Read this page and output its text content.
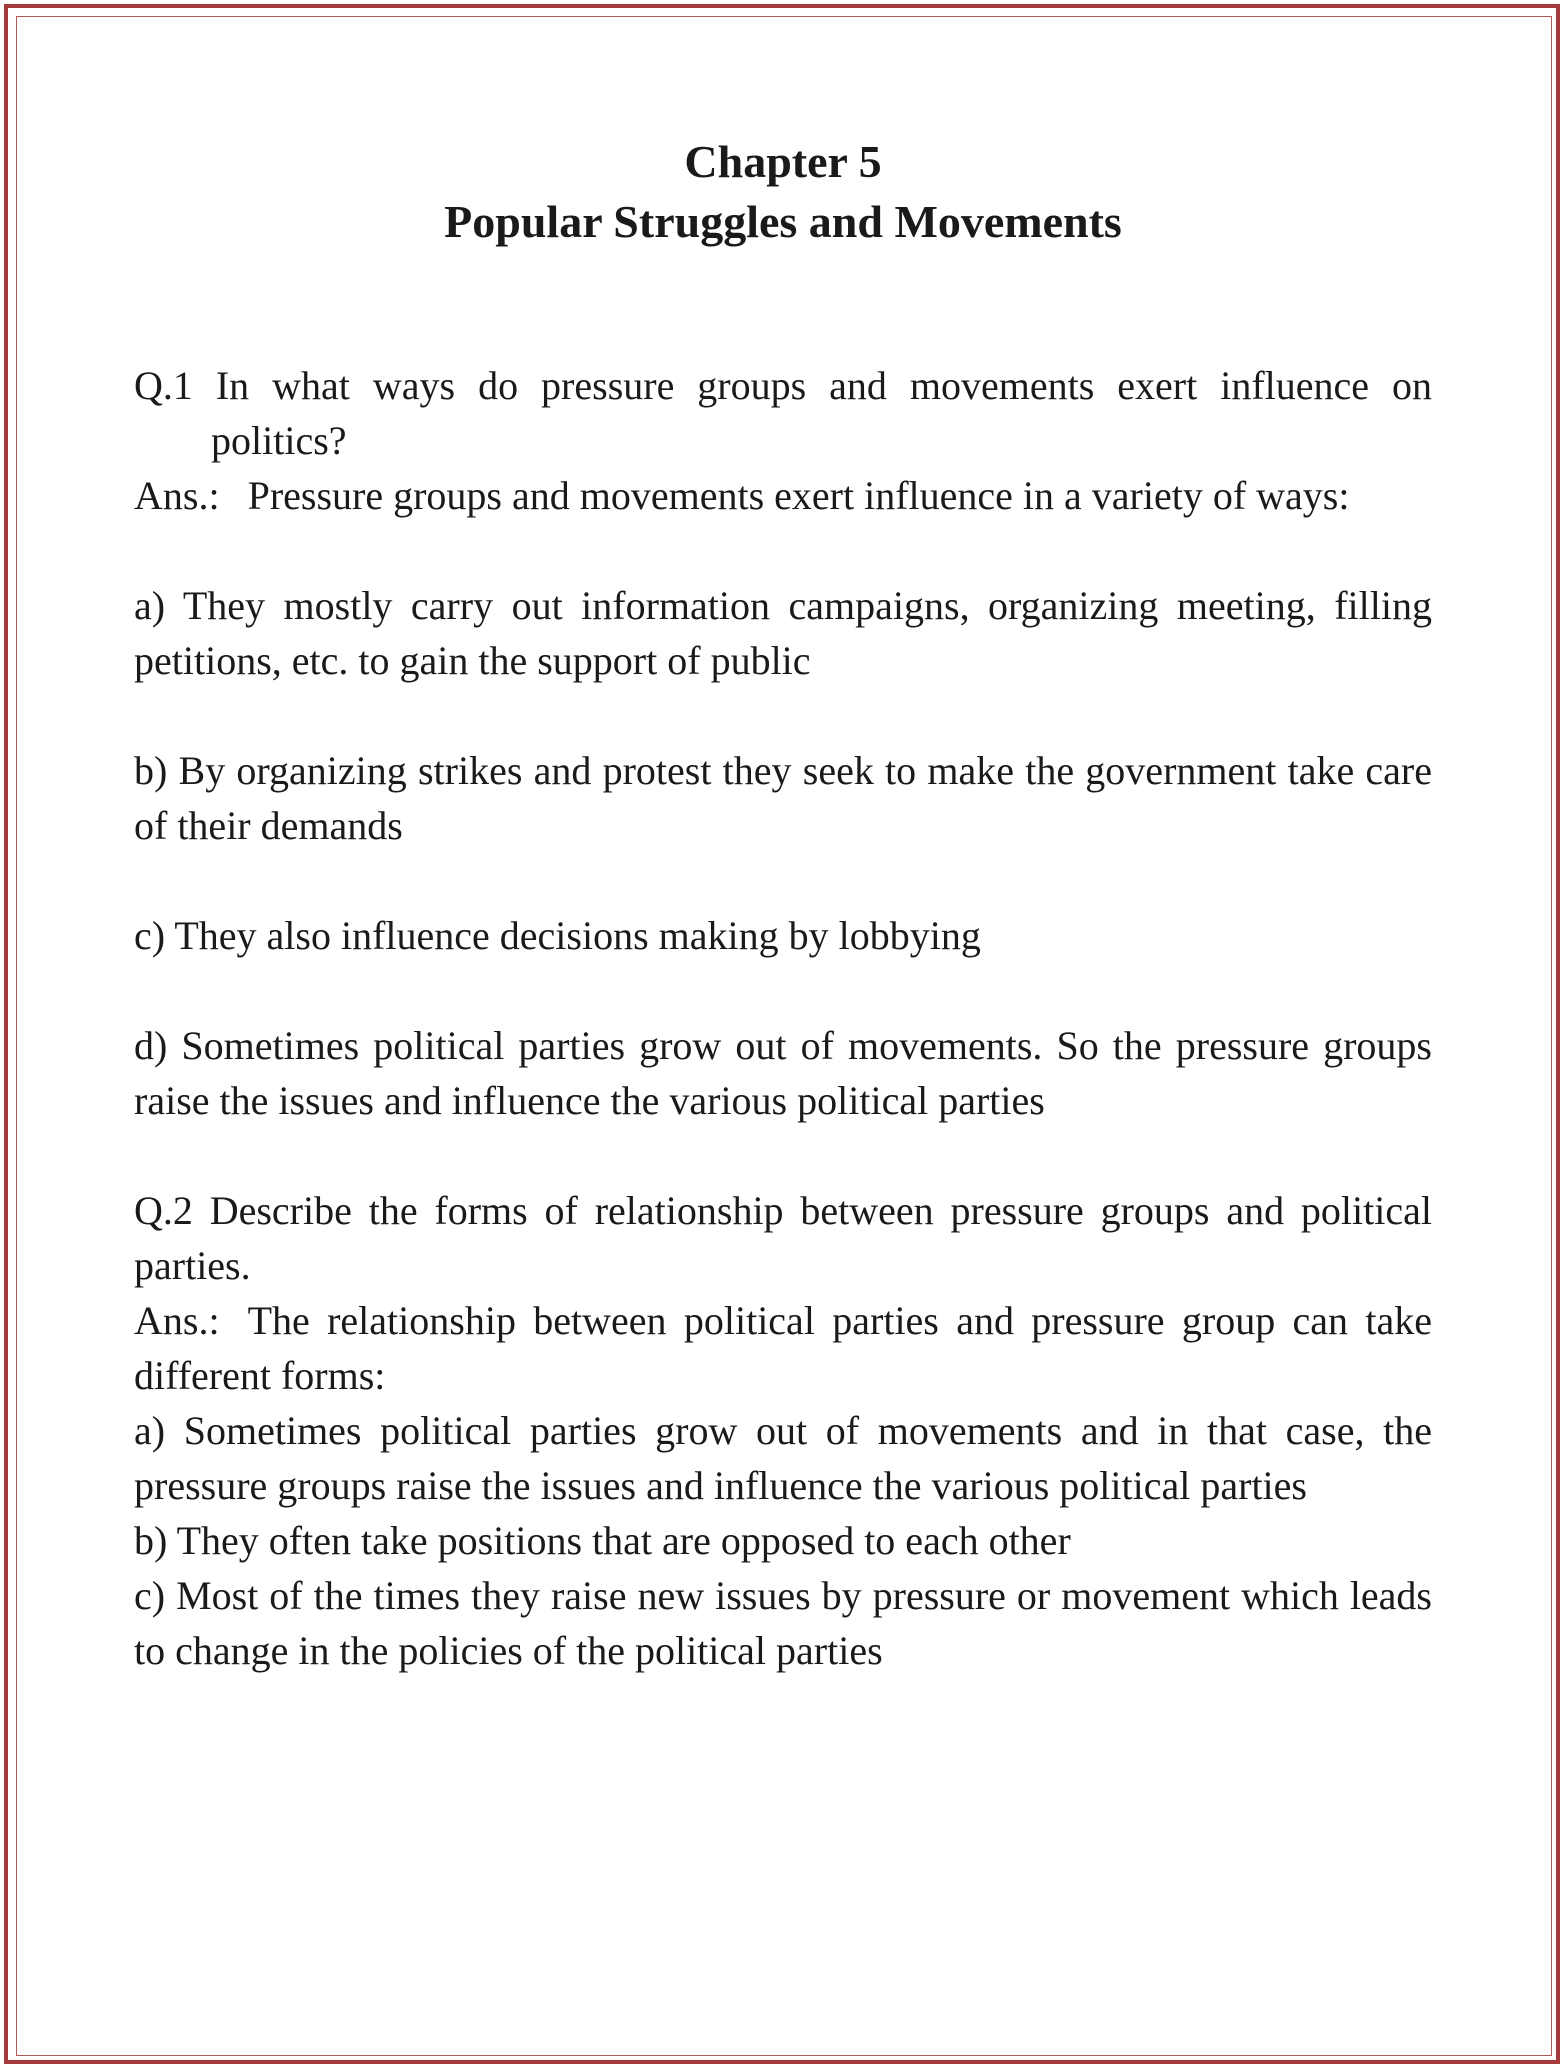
Chapter 5

Popular Struggles and Movements

Q.1 In what ways do pressure groups and movements exert influence on politics?

Ans.: Pressure groups and movements exert influence in a variety of ways:

a) They mostly carry out information campaigns, organizing meeting, filling petitions, etc. to gain the support of public

b) By organizing strikes and protest they seek to make the government take care of their demands

c) They also influence decisions making by lobbying

d) Sometimes political parties grow out of movements. So the pressure groups raise the issues and influence the various political parties

Q.2 Describe the forms of relationship between pressure groups and political parties.

Ans.: The relationship between political parties and pressure group can take different forms:

a) Sometimes political parties grow out of movements and in that case, the pressure groups raise the issues and influence the various political parties

b) They often take positions that are opposed to each other

c) Most of the times they raise new issues by pressure or movement which leads to change in the policies of the political parties
